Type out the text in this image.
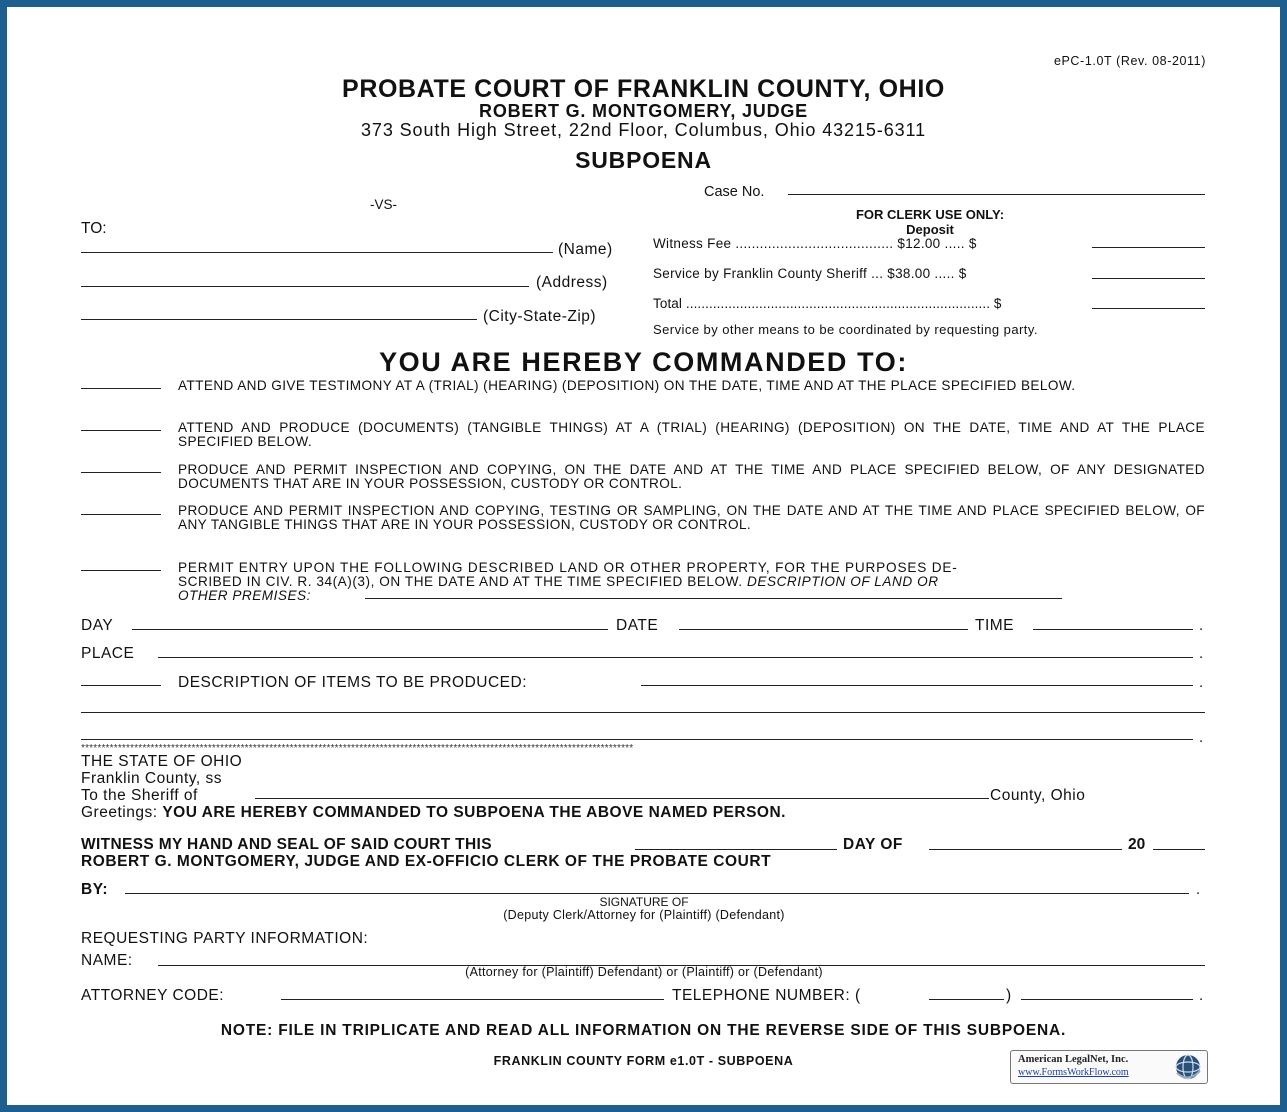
ePC-1.0T (Rev. 08-2011)
PROBATE COURT OF FRANKLIN COUNTY, OHIO
ROBERT G. MONTGOMERY, JUDGE
373 South High Street, 22nd Floor, Columbus, Ohio 43215-6311
SUBPOENA
Case No.
-VS-
TO:
(Name)
(Address)
(City-State-Zip)
FOR CLERK USE ONLY:
Deposit
Witness Fee ....................................... $12.00 ..... $
Service by Franklin County Sheriff ... $38.00 ..... $
Total ............................................................................... $
Service by other means to be coordinated by requesting party.
YOU ARE HEREBY COMMANDED TO:
ATTEND AND GIVE TESTIMONY AT A (TRIAL) (HEARING) (DEPOSITION) ON THE DATE, TIME AND AT THE PLACE SPECIFIED BELOW.
ATTEND AND PRODUCE (DOCUMENTS) (TANGIBLE THINGS) AT A (TRIAL) (HEARING) (DEPOSITION) ON THE DATE, TIME AND AT THE PLACE SPECIFIED BELOW.
PRODUCE AND PERMIT INSPECTION AND COPYING, ON THE DATE AND AT THE TIME AND PLACE SPECIFIED BELOW, OF ANY DESIGNATED DOCUMENTS THAT ARE IN YOUR POSSESSION, CUSTODY OR CONTROL.
PRODUCE AND PERMIT INSPECTION AND COPYING, TESTING OR SAMPLING, ON THE DATE AND AT THE TIME AND PLACE SPECIFIED BELOW, OF ANY TANGIBLE THINGS THAT ARE IN YOUR POSSESSION, CUSTODY OR CONTROL.
PERMIT ENTRY UPON THE FOLLOWING DESCRIBED LAND OR OTHER PROPERTY, FOR THE PURPOSES DE-
SCRIBED IN CIV. R. 34(A)(3), ON THE DATE AND AT THE TIME SPECIFIED BELOW. DESCRIPTION OF LAND OR
OTHER PREMISES:
DAY	DATE	TIME	.
PLACE	.
DESCRIPTION OF ITEMS TO BE PRODUCED:	.
.
***************************************************************************************************************************************
THE STATE OF OHIO
Franklin County, ss
To the Sheriff of	County, Ohio
Greetings: YOU ARE HEREBY COMMANDED TO SUBPOENA THE ABOVE NAMED PERSON.
WITNESS MY HAND AND SEAL OF SAID COURT THIS	DAY OF	20
ROBERT G. MONTGOMERY, JUDGE AND EX-OFFICIO CLERK OF THE PROBATE COURT
BY:	.
SIGNATURE OF
(Deputy Clerk/Attorney for (Plaintiff) (Defendant)
REQUESTING PARTY INFORMATION:
NAME:
(Attorney for (Plaintiff) Defendant) or (Plaintiff) or (Defendant)
ATTORNEY CODE:	TELEPHONE NUMBER: (	)	.
NOTE: FILE IN TRIPLICATE AND READ ALL INFORMATION ON THE REVERSE SIDE OF THIS SUBPOENA.
FRANKLIN COUNTY FORM e1.0T - SUBPOENA	American LegalNet, Inc.
www.FormsWorkFlow.com
